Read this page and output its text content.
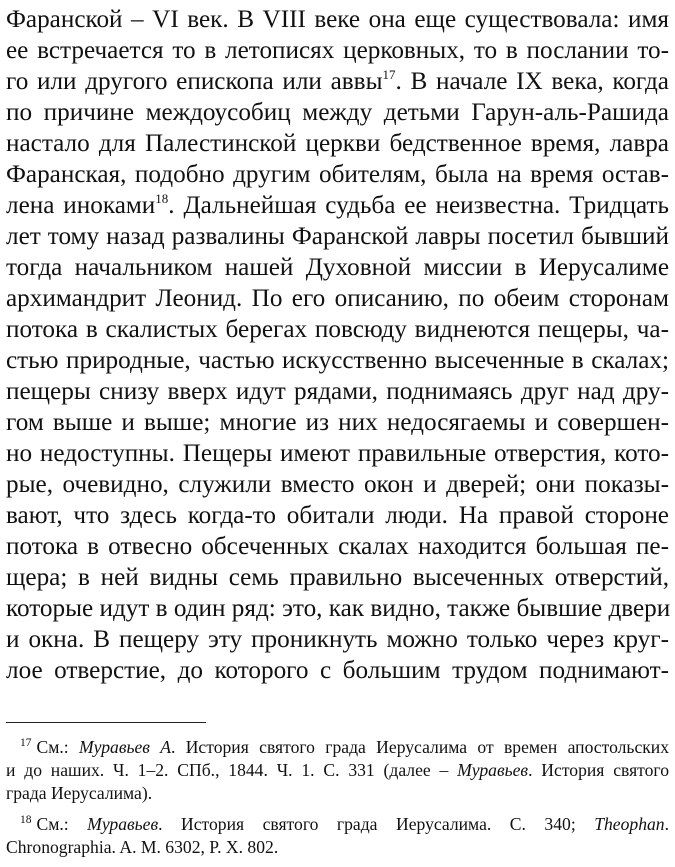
Фаранской – VI век. В VIII веке она еще существовала: имя
ее встречается то в летописях церковных, то в послании то-
го или другого епископа или аввы$^{17}$. В начале IX века, когда
по причине междоусобиц между детьми Гарун-аль-Рашида
настало для Палестинской церкви бедственное время, лавра
Фаранская, подобно другим обителям, была на время остав-
лена иноками$^{18}$. Дальнейшая судьба ее неизвестна. Тридцать
лет тому назад развалины Фаранской лавры посетил бывший
тогда начальником нашей Духовной миссии в Иерусалиме
архимандрит Леонид. По его описанию, по обеим сторонам
потока в скалистых берегах повсюду виднеются пещеры, ча-
стью природные, частью искусственно высеченные в скалах;
пещеры снизу вверх идут рядами, поднимаясь друг над дру-
гом выше и выше; многие из них недосягаемы и совершен-
но недоступны. Пещеры имеют правильные отверстия, кото-
рые, очевидно, служили вместо окон и дверей; они показы-
вают, что здесь когда-то обитали люди. На правой стороне
потока в отвесно обсеченных скалах находится большая пе-
щера; в ней видны семь правильно высеченных отверстий,
которые идут в один ряд: это, как видно, также бывшие двери
и окна. В пещеру эту проникнуть можно только через круг-
лое отверстие, до которого с большим трудом поднимают-
$^{17}$ См.: Муравьев А. История святого града Иерусалима от времен апостольских
и до наших. Ч. 1–2. СПб., 1844. Ч. 1. С. 331 (далее – Муравьев. История святого
града Иерусалима).
$^{18}$ См.: Муравьев. История святого града Иерусалима. С. 340; Theophan.
Chronographia. A. M. 6302, P. X. 802.
